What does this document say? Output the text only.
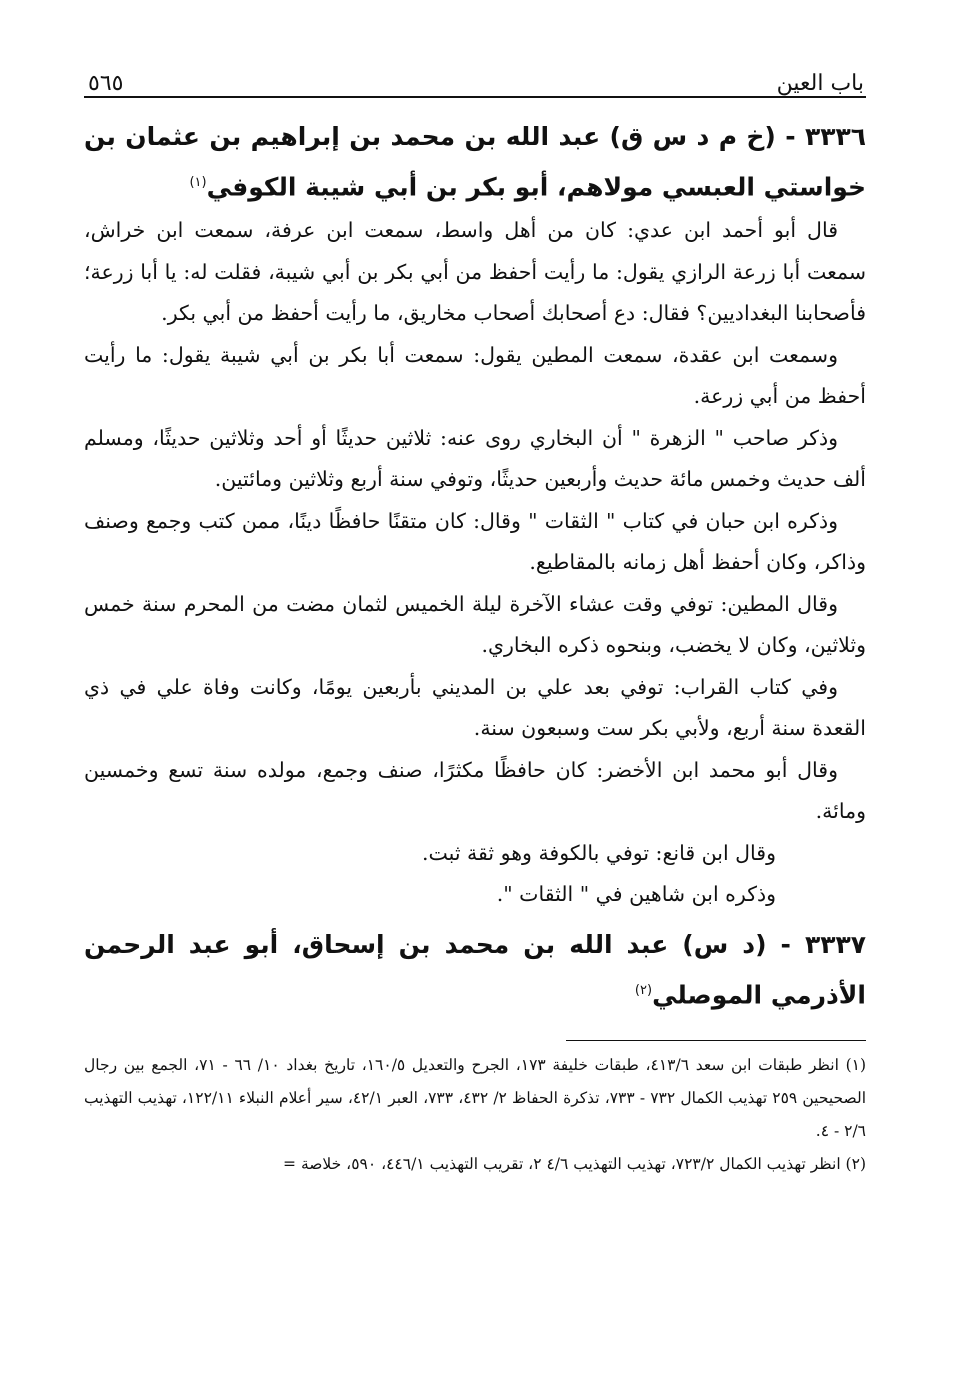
باب العين
٥٦٥
٣٣٣٦ - (خ م د س ق) عبد الله بن محمد بن إبراهيم بن عثمان بن خواستي العبسي مولاهم، أبو بكر بن أبي شيبة الكوفي$^{(١)}$

قال أبو أحمد ابن عدي: كان من أهل واسط، سمعت ابن عرفة، سمعت ابن خراش، سمعت أبا زرعة الرازي يقول: ما رأيت أحفظ من أبي بكر بن أبي شيبة، فقلت له: يا أبا زرعة؛ فأصحابنا البغداديين؟ فقال: دع أصحابك أصحاب مخاريق، ما رأيت أحفظ من أبي بكر.

وسمعت ابن عقدة، سمعت المطين يقول: سمعت أبا بكر بن أبي شيبة يقول: ما رأيت أحفظ من أبي زرعة.

وذكر صاحب " الزهرة " أن البخاري روى عنه: ثلاثين حديثًا أو أحد وثلاثين حديثًا، ومسلم ألف حديث وخمس مائة حديث وأربعين حديثًا، وتوفي سنة أربع وثلاثين ومائتين.

وذكره ابن حبان في كتاب " الثقات " وقال: كان متقنًا حافظًا دينًا، ممن كتب وجمع وصنف وذاكر، وكان أحفظ أهل زمانه بالمقاطيع.

وقال المطين: توفي وقت عشاء الآخرة ليلة الخميس لثمان مضت من المحرم سنة خمس وثلاثين، وكان لا يخضب، وبنحوه ذكره البخاري.

وفي كتاب القراب: توفي بعد علي بن المديني بأربعين يومًا، وكانت وفاة علي في ذي القعدة سنة أربع، ولأبي بكر ست وسبعون سنة.

وقال أبو محمد ابن الأخضر: كان حافظًا مكثرًا، صنف وجمع، مولده سنة تسع وخمسين ومائة.

وقال ابن قانع: توفي بالكوفة وهو ثقة ثبت.

وذكره ابن شاهين في " الثقات ".

٣٣٣٧ - (د س) عبد الله بن محمد بن إسحاق، أبو عبد الرحمن الأذرمي الموصلي$^{(٢)}$

(١) انظر طبقات ابن سعد ٤١٣/٦، طبقات خليفة ١٧٣، الجرح والتعديل ١٦٠/٥، تاريخ بغداد ١٠/ ٦٦ - ٧١، الجمع بين رجال الصحيحين ٢٥٩ تهذيب الكمال ٧٣٢ - ٧٣٣، تذكرة الحفاظ ٢/ ٤٣٢، ٧٣٣، العبر ٤٢/١، سير أعلام النبلاء ١٢٢/١١، تهذيب التهذيب ٢/٦ - ٤.

(٢) انظر تهذيب الكمال ٧٢٣/٢، تهذيب التهذيب ٤/٦ ٢، تقريب التهذيب ٤٤٦/١، ٥٩٠، خلاصة =
